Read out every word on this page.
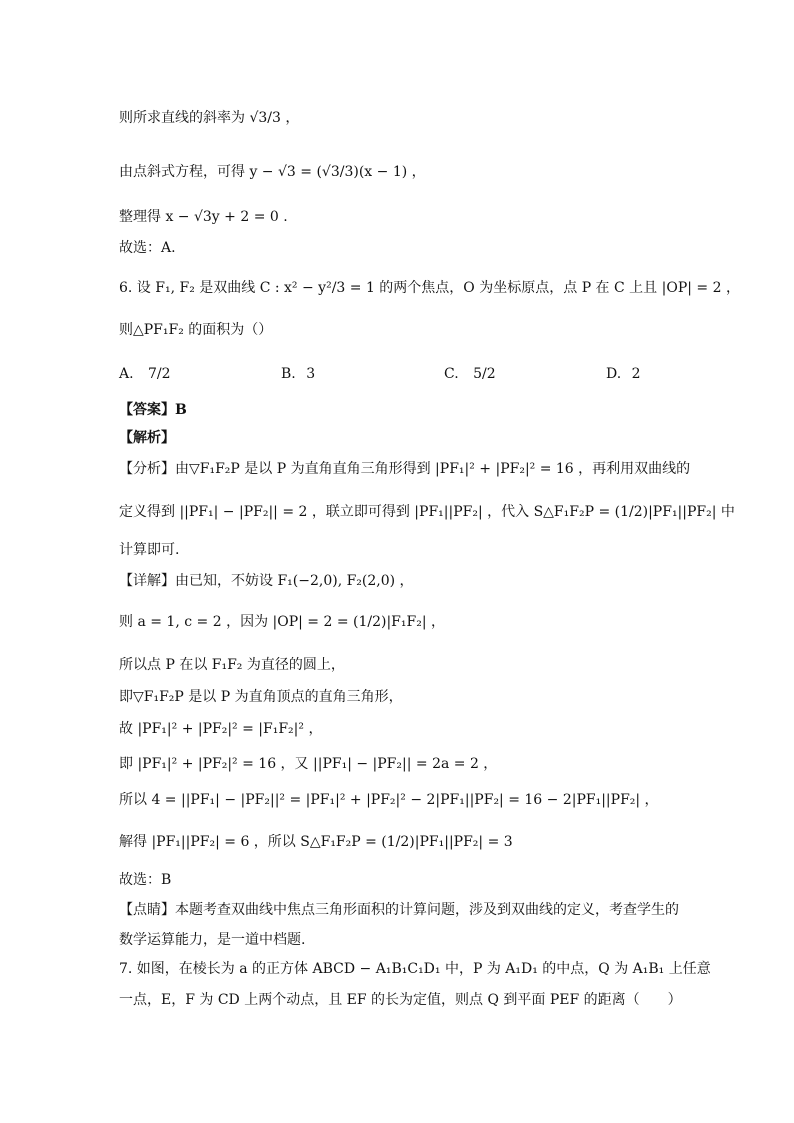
则所求直线的斜率为 √3/3 ，
由点斜式方程，可得 y − √3 = (√3/3)(x − 1) ，
整理得 x − √3y + 2 = 0 .
故选：A.
6. 设 F₁, F₂ 是双曲线 C : x² − y²/3 = 1 的两个焦点，O 为坐标原点，点 P 在 C 上且 |OP| = 2 ，
则△PF₁F₂ 的面积为（）
A. 7/2	B. 3	C. 5/2	D. 2
【答案】B
【解析】
【分析】由▽F₁F₂P 是以 P 为直角直角三角形得到 |PF₁|² + |PF₂|² = 16 ，再利用双曲线的
定义得到 ||PF₁| − |PF₂|| = 2 ，联立即可得到 |PF₁||PF₂| ，代入 S△F₁F₂P = (1/2)|PF₁||PF₂| 中
计算即可.
【详解】由已知，不妨设 F₁(−2,0), F₂(2,0) ，
则 a = 1, c = 2 ，因为 |OP| = 2 = (1/2)|F₁F₂| ，
所以点 P 在以 F₁F₂ 为直径的圆上，
即▽F₁F₂P 是以 P 为直角顶点的直角三角形，
故 |PF₁|² + |PF₂|² = |F₁F₂|² ，
即 |PF₁|² + |PF₂|² = 16 ，又 ||PF₁| − |PF₂|| = 2a = 2 ，
所以 4 = ||PF₁| − |PF₂||² = |PF₁|² + |PF₂|² − 2|PF₁||PF₂| = 16 − 2|PF₁||PF₂| ，
解得 |PF₁||PF₂| = 6 ，所以 S△F₁F₂P = (1/2)|PF₁||PF₂| = 3
故选：B
【点睛】本题考查双曲线中焦点三角形面积的计算问题，涉及到双曲线的定义，考查学生的
数学运算能力，是一道中档题.
7. 如图，在棱长为 a 的正方体 ABCD − A₁B₁C₁D₁ 中，P 为 A₁D₁ 的中点，Q 为 A₁B₁ 上任意
一点，E，F 为 CD 上两个动点，且 EF 的长为定值，则点 Q 到平面 PEF 的距离（　　）
